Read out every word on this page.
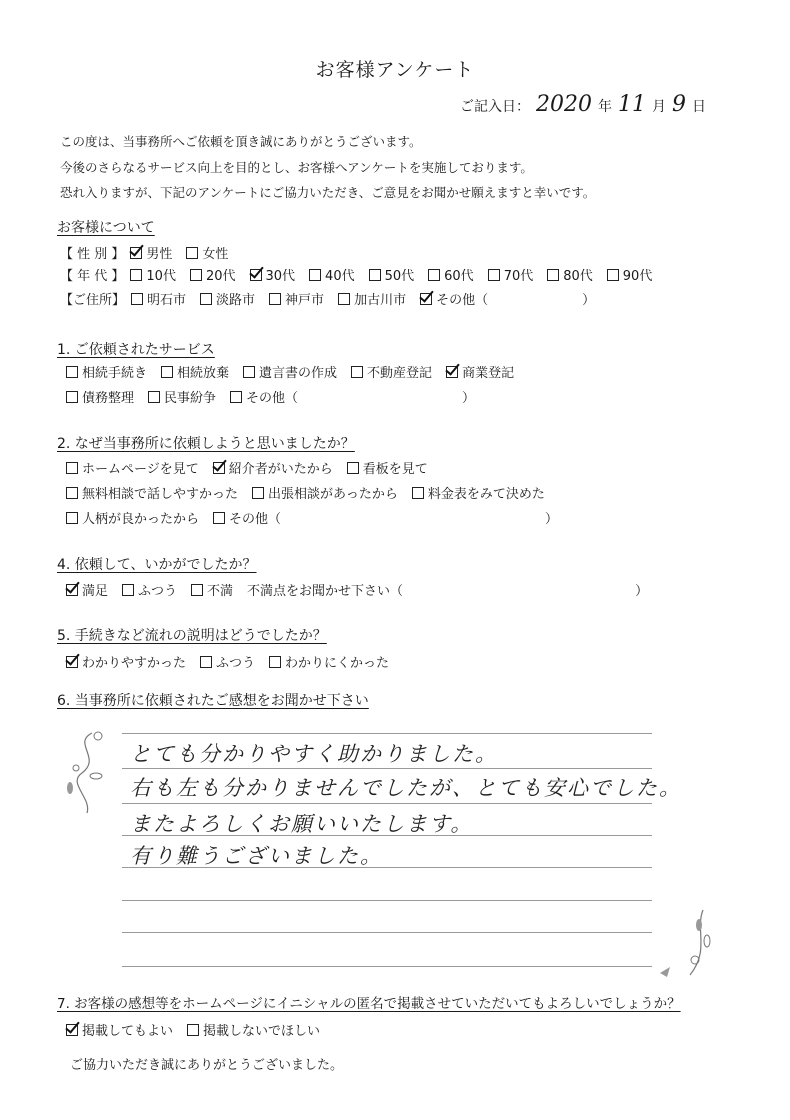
お客様アンケート
ご記入日： 2020 年 11 月 9 日
この度は、当事務所へご依頼を頂き誠にありがとうございます。
今後のさらなるサービス向上を目的とし、お客様へアンケートを実施しております。
恐れ入りますが、下記のアンケートにご協力いただき、ご意見をお聞かせ願えますと幸いです。
お客様について
【 性 別 】 男性 女性
【 年 代 】 10代 20代 30代 40代 50代 60代 70代 80代 90代
【ご住所】 明石市 淡路市 神戸市 加古川市 その他（	）
1. ご依頼されたサービス
相続手続き 相続放棄 遺言書の作成 不動産登記 商業登記
債務整理 民事紛争 その他（	）
2. なぜ当事務所に依頼しようと思いましたか？
ホームページを見て 紹介者がいたから 看板を見て
無料相談で話しやすかった 出張相談があったから 料金表をみて決めた
人柄が良かったから その他（	）
4. 依頼して、いかがでしたか？
満足 ふつう 不満 不満点をお聞かせ下さい（	）
5. 手続きなど流れの説明はどうでしたか？
わかりやすかった ふつう わかりにくかった
6. 当事務所に依頼されたご感想をお聞かせ下さい
とても分かりやすく助かりました。
右も左も分かりませんでしたが、とても安心でした。
またよろしくお願いいたします。
有り難うございました。
7. お客様の感想等をホームページにイニシャルの匿名で掲載させていただいてもよろしいでしょうか？
掲載してもよい 掲載しないでほしい
ご協力いただき誠にありがとうございました。
